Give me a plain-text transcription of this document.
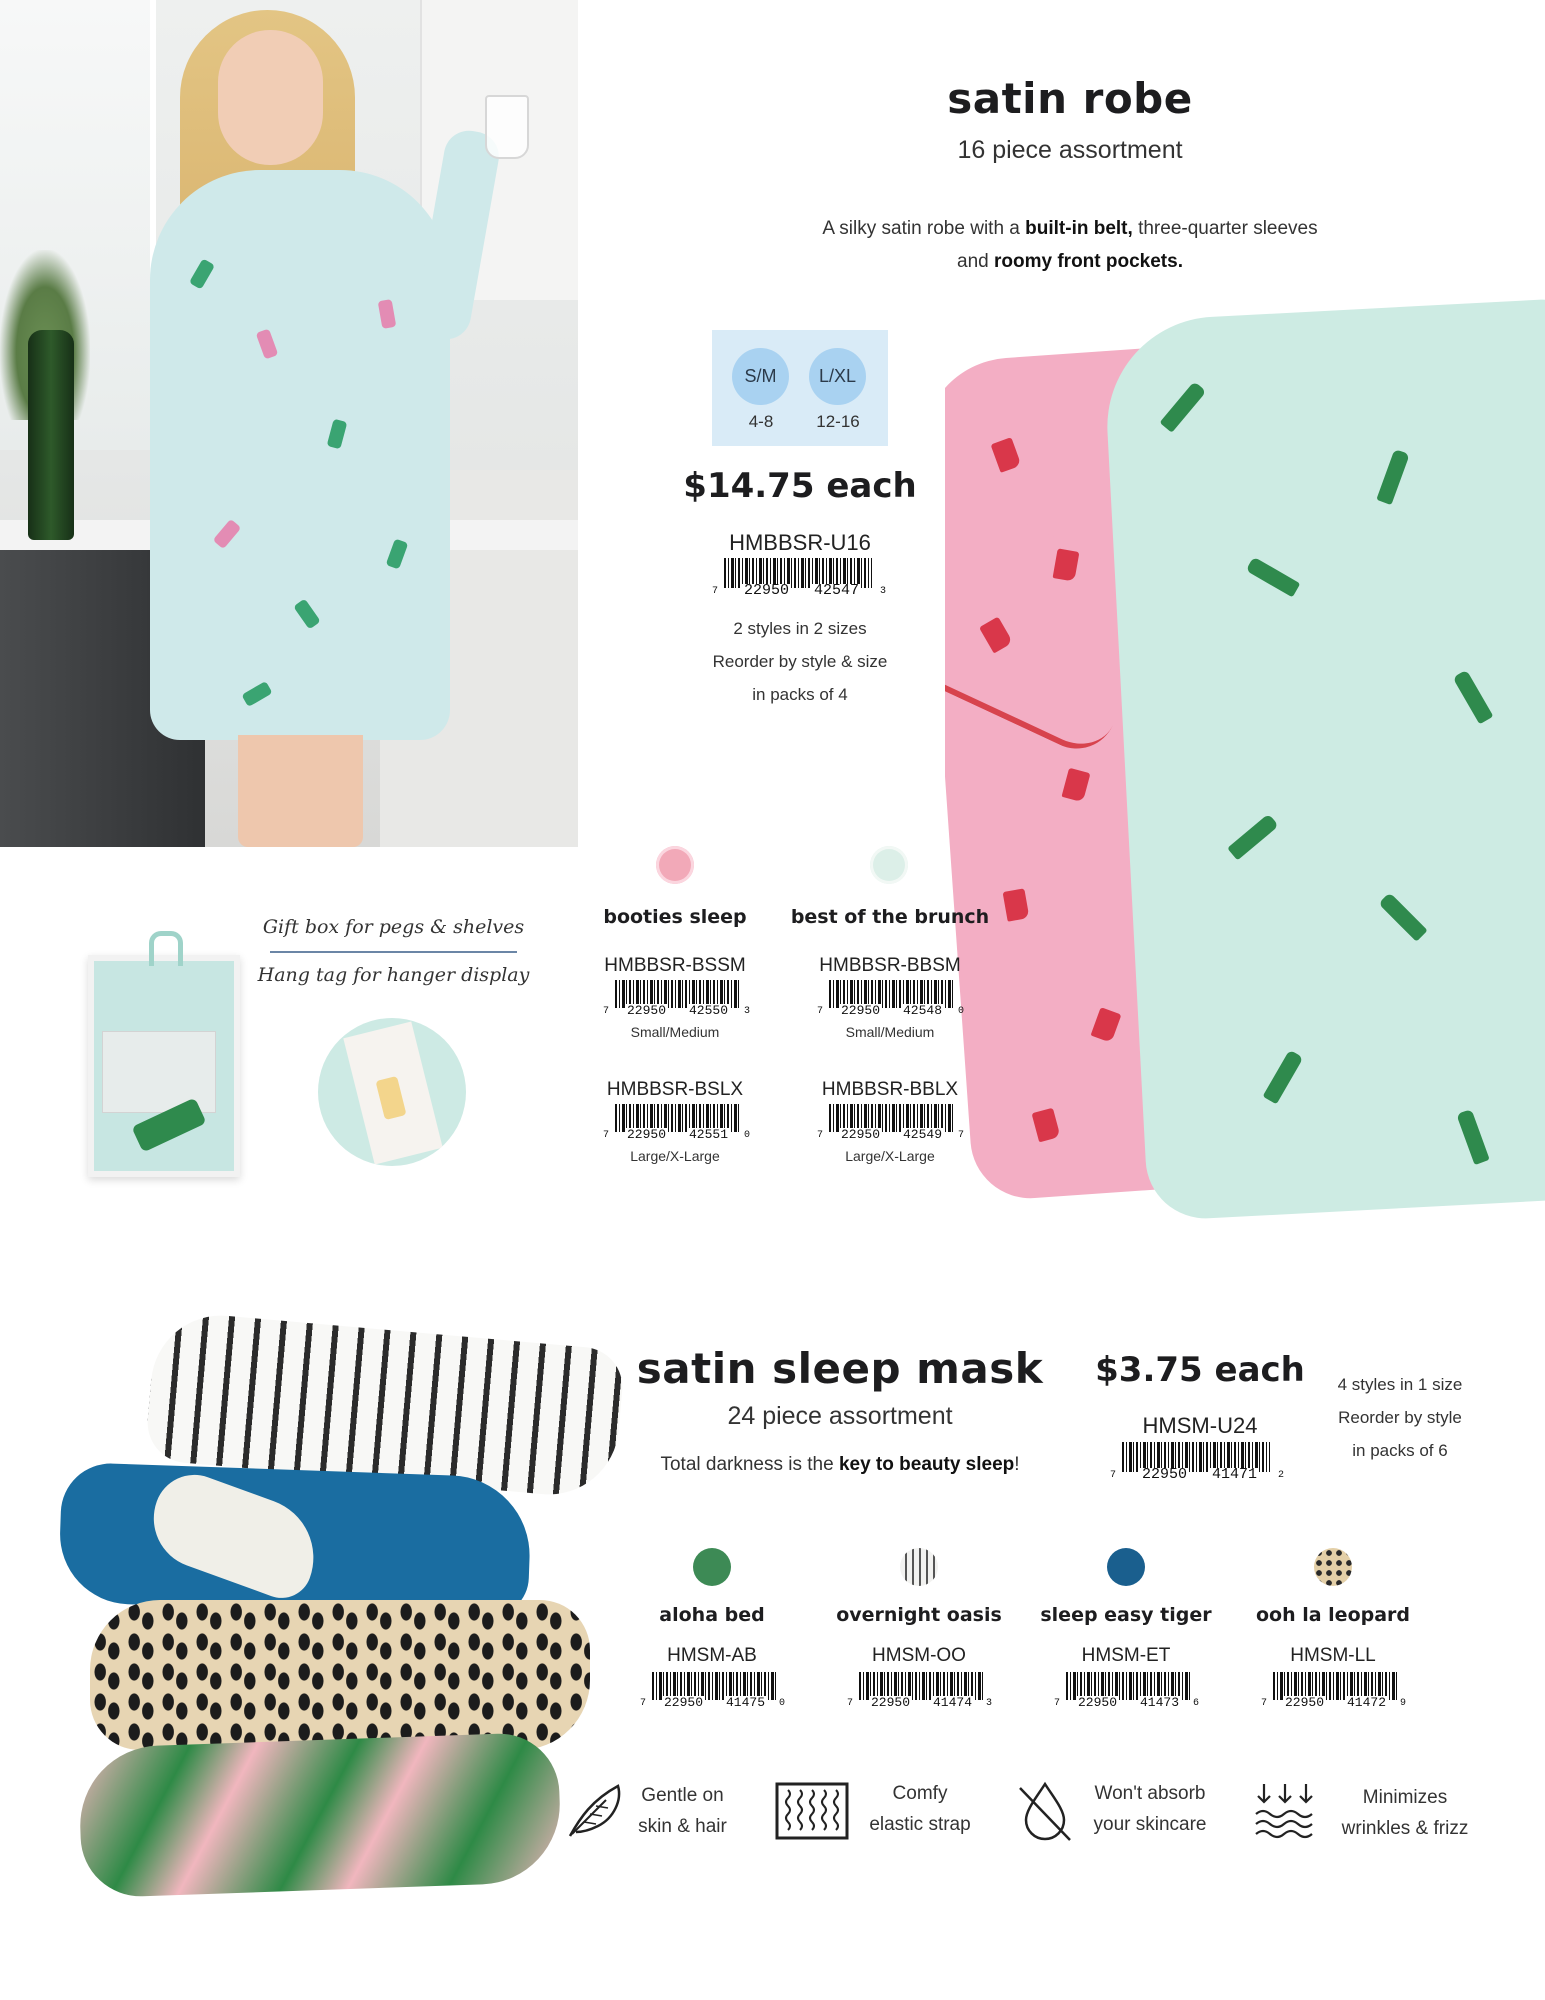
satin robe
16 piece assortment
A silky satin robe with a built-in belt, three-quarter sleeves
and roomy front pockets.
S/M	L/XL
4-8	12-16
$14.75 each
HMBBSR-U16
7 22950 42547 3
2 styles in 2 sizes
Reorder by style & size
in packs of 4
booties sleep	best of the brunch
HMBBSR-BSSM
7 22950 42550 3
Small/Medium
HMBBSR-BBSM
7 22950 42548 0
Small/Medium
HMBBSR-BSLX
7 22950 42551 0
Large/X-Large
HMBBSR-BBLX
7 22950 42549 7
Large/X-Large
Gift box for pegs & shelves
Hang tag for hanger display
satin sleep mask
24 piece assortment
Total darkness is the key to beauty sleep!
$3.75 each
HMSM-U24
7 22950 41471 2
4 styles in 1 size
Reorder by style
in packs of 6
aloha bed	overnight oasis	sleep easy tiger	ooh la leopard
HMSM-AB	HMSM-OO	HMSM-ET	HMSM-LL
7 22950 41475 0	7 22950 41474 3	7 22950 41473 6	7 22950 41472 9
Gentle on
skin & hair
Comfy
elastic strap
Won't absorb
your skincare
Minimizes
wrinkles & frizz
